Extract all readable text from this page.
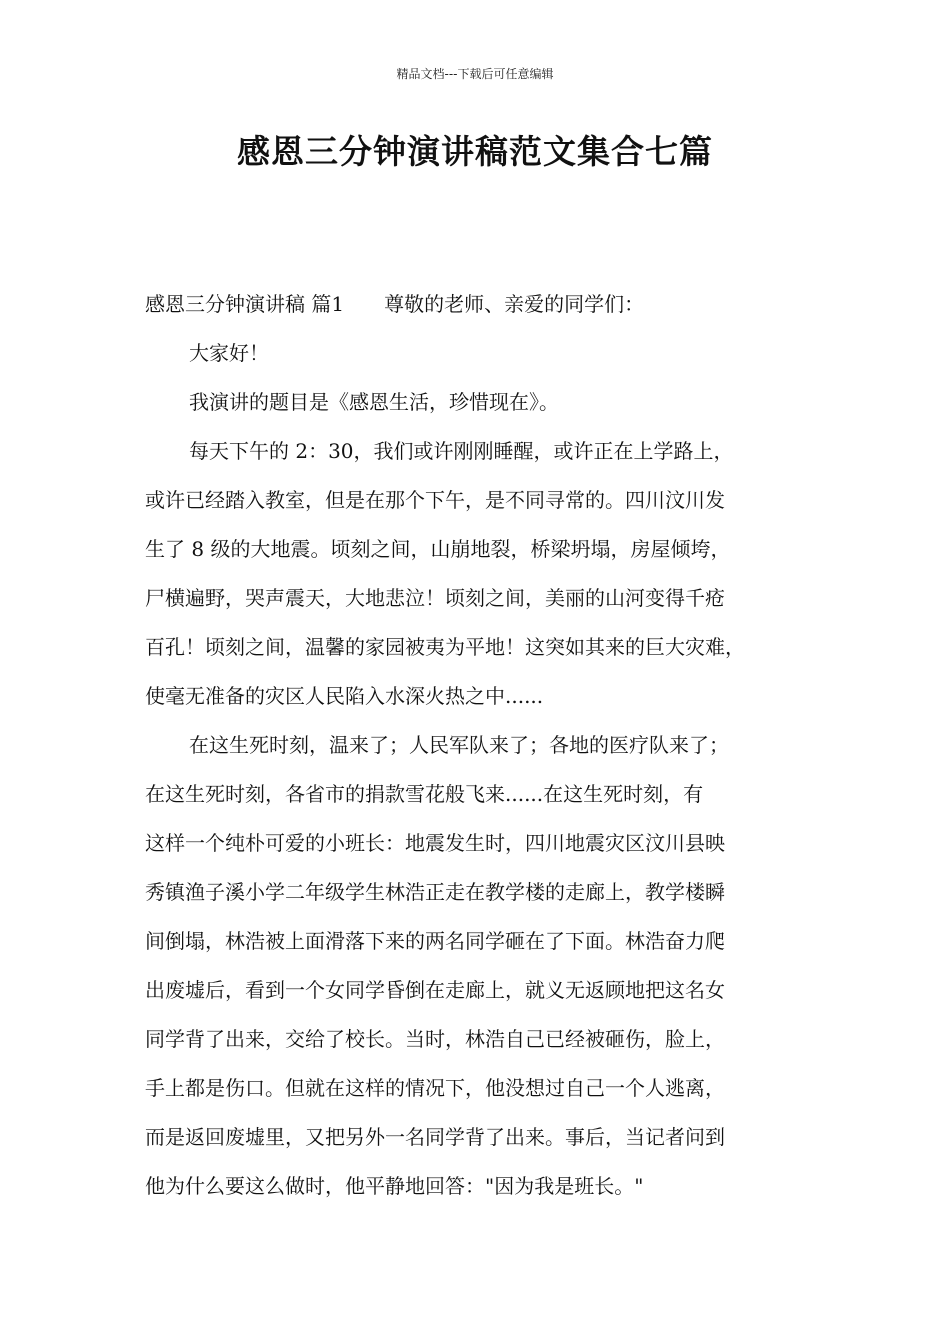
精品文档---下载后可任意编辑
感恩三分钟演讲稿范文集合七篇

感恩三分钟演讲稿 篇1 尊敬的老师、亲爱的同学们：

大家好！

我演讲的题目是《感恩生活，珍惜现在》。

每天下午的 2：30，我们或许刚刚睡醒，或许正在上学路上，
或许已经踏入教室，但是在那个下午，是不同寻常的。四川汶川发
生了 8 级的大地震。顷刻之间，山崩地裂，桥梁坍塌，房屋倾垮，
尸横遍野，哭声震天，大地悲泣！顷刻之间，美丽的山河变得千疮
百孔！顷刻之间，温馨的家园被夷为平地！这突如其来的巨大灾难，
使毫无准备的灾区人民陷入水深火热之中......
在这生死时刻，温来了；人民军队来了；各地的医疗队来了；
在这生死时刻，各省市的捐款雪花般飞来......在这生死时刻，有
这样一个纯朴可爱的小班长：地震发生时，四川地震灾区汶川县映
秀镇渔子溪小学二年级学生林浩正走在教学楼的走廊上，教学楼瞬
间倒塌，林浩被上面滑落下来的两名同学砸在了下面。林浩奋力爬
出废墟后，看到一个女同学昏倒在走廊上，就义无返顾地把这名女
同学背了出来，交给了校长。当时，林浩自己已经被砸伤，脸上，
手上都是伤口。但就在这样的情况下，他没想过自己一个人逃离，
而是返回废墟里，又把另外一名同学背了出来。事后，当记者问到
他为什么要这么做时，他平静地回答："因为我是班长。"
